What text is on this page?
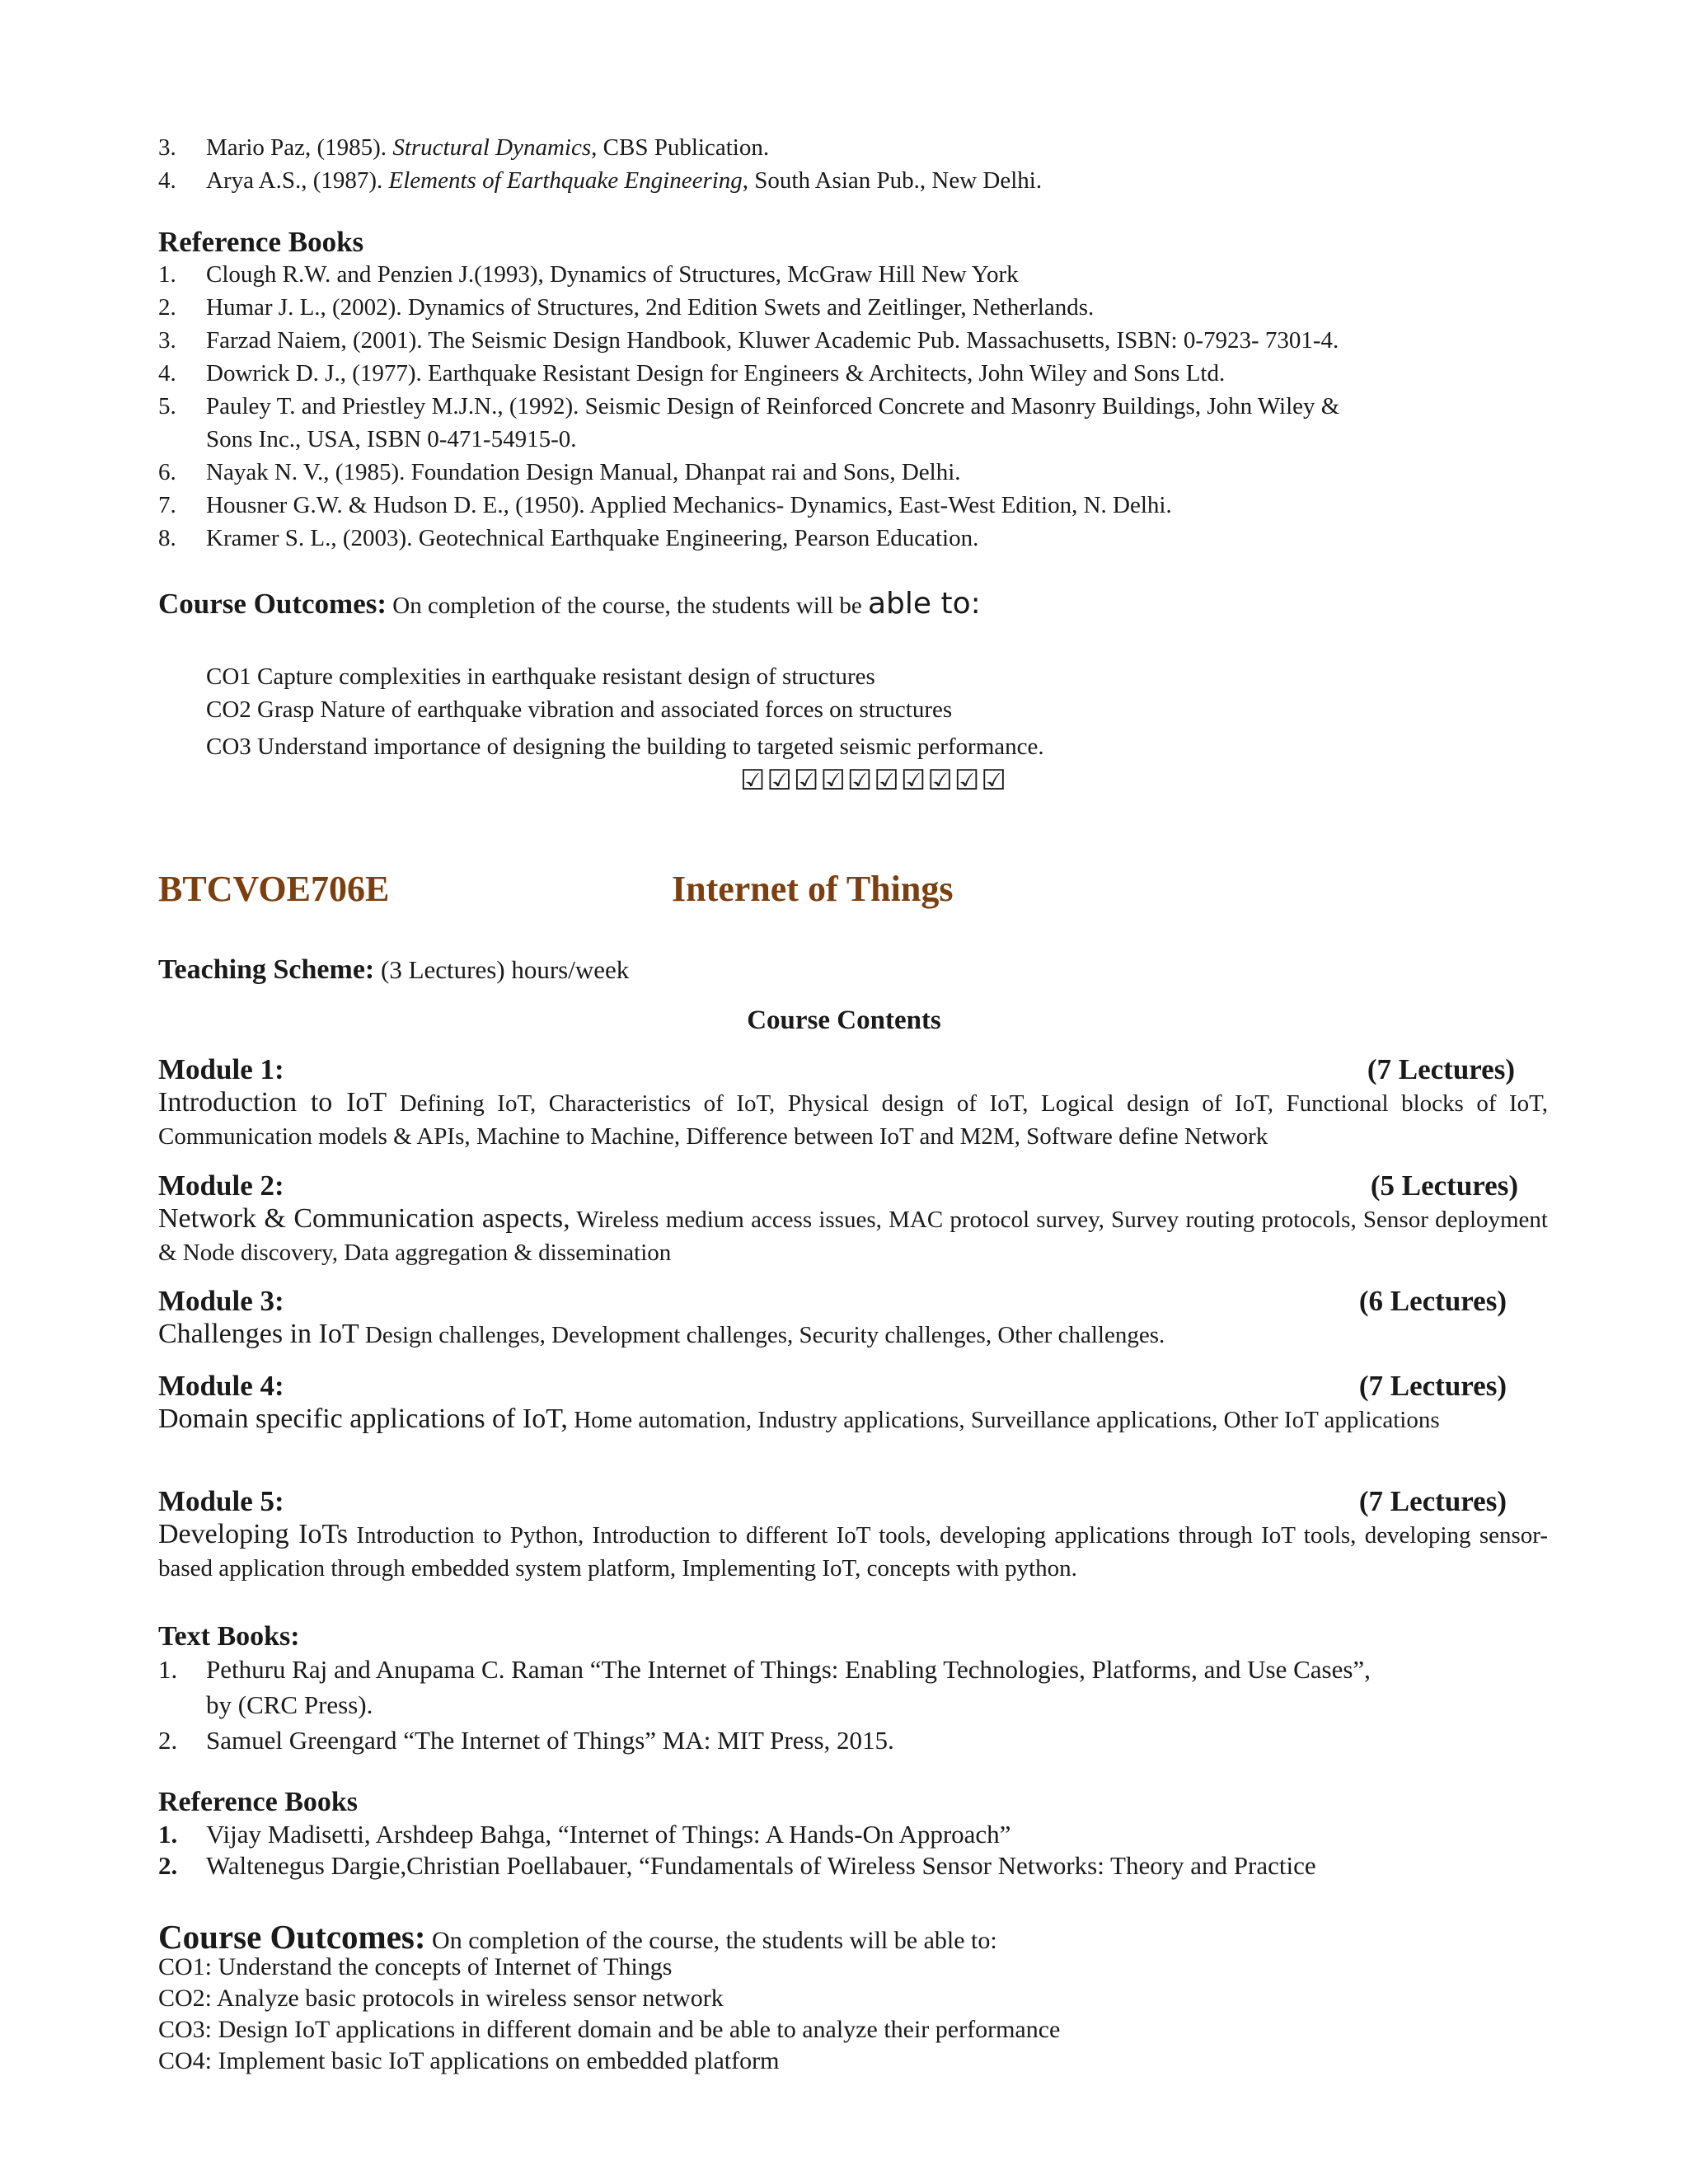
3.	Mario Paz, (1985). Structural Dynamics, CBS Publication.
4.	Arya A.S., (1987). Elements of Earthquake Engineering, South Asian Pub., New Delhi.
Reference Books
1.	Clough R.W. and Penzien J.(1993), Dynamics of Structures, McGraw Hill New York
2.	Humar J. L., (2002). Dynamics of Structures, 2nd Edition Swets and Zeitlinger, Netherlands.
3.	Farzad Naiem, (2001). The Seismic Design Handbook, Kluwer Academic Pub. Massachusetts, ISBN: 0-7923- 7301-4.
4.	Dowrick D. J., (1977). Earthquake Resistant Design for Engineers & Architects, John Wiley and Sons Ltd.
5.	Pauley T. and Priestley M.J.N., (1992). Seismic Design of Reinforced Concrete and Masonry Buildings, John Wiley &
Sons Inc., USA, ISBN 0-471-54915-0.
6.	Nayak N. V., (1985). Foundation Design Manual, Dhanpat rai and Sons, Delhi.
7.	Housner G.W. & Hudson D. E., (1950). Applied Mechanics- Dynamics, East-West Edition, N. Delhi.
8.	Kramer S. L., (2003). Geotechnical Earthquake Engineering, Pearson Education.
Course Outcomes: On completion of the course, the students will be able to:
CO1 Capture complexities in earthquake resistant design of structures
CO2 Grasp Nature of earthquake vibration and associated forces on structures
CO3 Understand importance of designing the building to targeted seismic performance.
☑☑☑☑☑☑☑☑☑☑
BTCVOE706E	Internet of Things
Teaching Scheme: (3 Lectures) hours/week
Course Contents
Module 1:	(7 Lectures)
Introduction to IoT Defining IoT, Characteristics of IoT, Physical design of IoT, Logical design of IoT, Functional blocks of IoT, Communication models & APIs, Machine to Machine, Difference between IoT and M2M, Software define Network
Module 2:	(5 Lectures)
Network & Communication aspects, Wireless medium access issues, MAC protocol survey, Survey routing protocols, Sensor deployment & Node discovery, Data aggregation & dissemination
Module 3:	(6 Lectures)
Challenges in IoT Design challenges, Development challenges, Security challenges, Other challenges.
Module 4:	(7 Lectures)
Domain specific applications of IoT, Home automation, Industry applications, Surveillance applications, Other IoT applications
Module 5:	(7 Lectures)
Developing IoTs Introduction to Python, Introduction to different IoT tools, developing applications through IoT tools, developing sensor-based application through embedded system platform, Implementing IoT, concepts with python.
Text Books:
1.	Pethuru Raj and Anupama C. Raman “The Internet of Things: Enabling Technologies, Platforms, and Use Cases”,
by (CRC Press).
2.	Samuel Greengard “The Internet of Things” MA: MIT Press, 2015.
Reference Books
1.	Vijay Madisetti, Arshdeep Bahga, “Internet of Things: A Hands-On Approach”
2.	Waltenegus Dargie,Christian Poellabauer, “Fundamentals of Wireless Sensor Networks: Theory and Practice
Course Outcomes: On completion of the course, the students will be able to:
CO1: Understand the concepts of Internet of Things
CO2: Analyze basic protocols in wireless sensor network
CO3: Design IoT applications in different domain and be able to analyze their performance
CO4: Implement basic IoT applications on embedded platform
